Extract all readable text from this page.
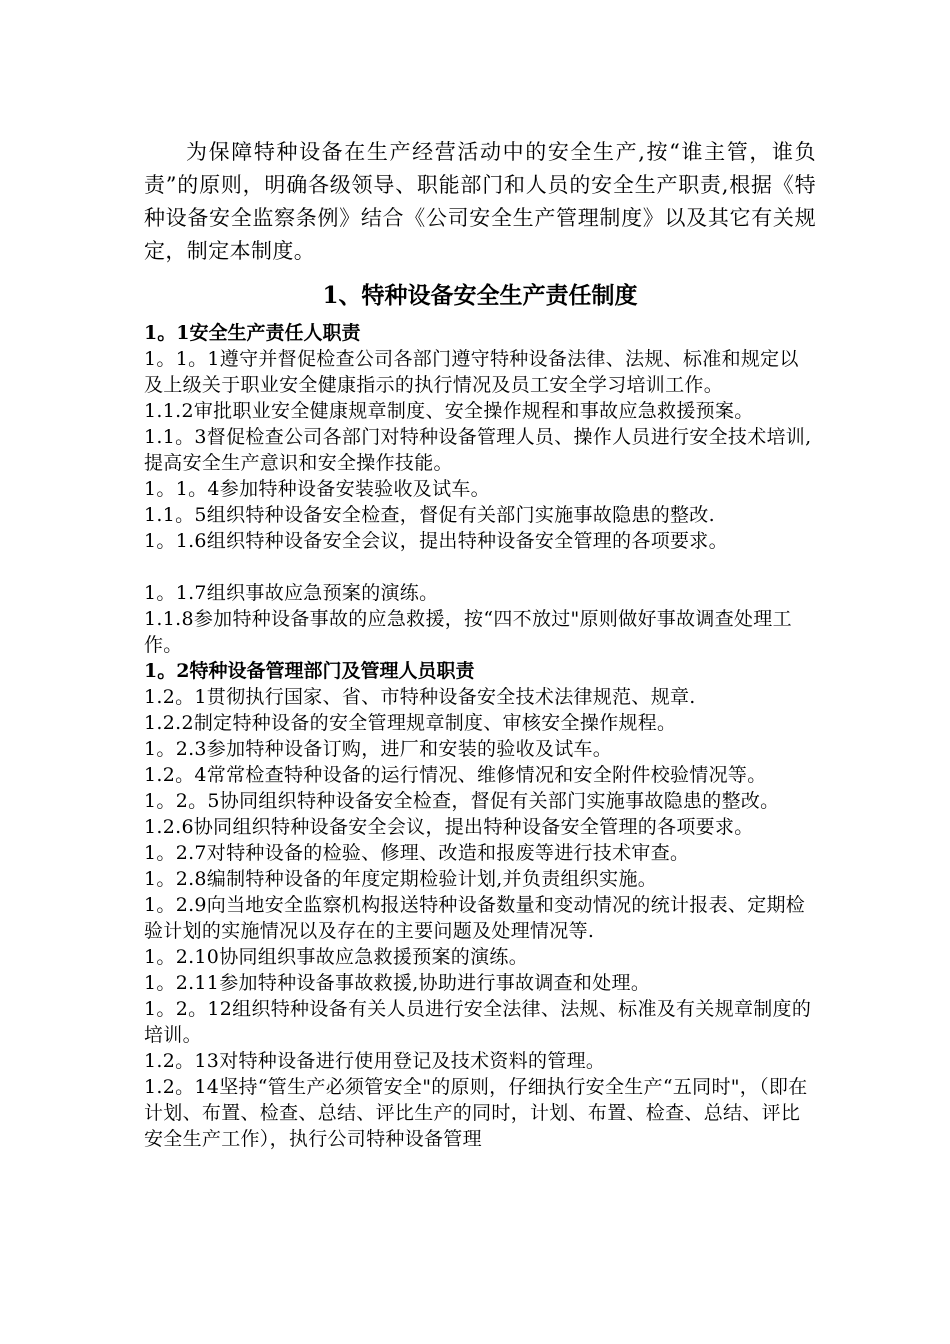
为保障特种设备在生产经营活动中的安全生产,按“谁主管，谁负责”的原则，明确各级领导、职能部门和人员的安全生产职责,根据《特种设备安全监察条例》结合《公司安全生产管理制度》以及其它有关规定，制定本制度。

1、特种设备安全生产责任制度

1。1安全生产责任人职责

1。1。1遵守并督促检查公司各部门遵守特种设备法律、法规、标准和规定以及上级关于职业安全健康指示的执行情况及员工安全学习培训工作。

1.1.2审批职业安全健康规章制度、安全操作规程和事故应急救援预案。

1.1。3督促检查公司各部门对特种设备管理人员、操作人员进行安全技术培训,提高安全生产意识和安全操作技能。

1。1。4参加特种设备安装验收及试车。

1.1。5组织特种设备安全检查，督促有关部门实施事故隐患的整改.

1。1.6组织特种设备安全会议，提出特种设备安全管理的各项要求。

1。1.7组织事故应急预案的演练。

1.1.8参加特种设备事故的应急救援，按“四不放过"原则做好事故调查处理工作。

1。2特种设备管理部门及管理人员职责

1.2。1贯彻执行国家、省、市特种设备安全技术法律规范、规章.

1.2.2制定特种设备的安全管理规章制度、审核安全操作规程。

1。2.3参加特种设备订购，进厂和安装的验收及试车。

1.2。4常常检查特种设备的运行情况、维修情况和安全附件校验情况等。

1。2。5协同组织特种设备安全检查，督促有关部门实施事故隐患的整改。

1.2.6协同组织特种设备安全会议，提出特种设备安全管理的各项要求。

1。2.7对特种设备的检验、修理、改造和报废等进行技术审查。

1。2.8编制特种设备的年度定期检验计划,并负责组织实施。

1。2.9向当地安全监察机构报送特种设备数量和变动情况的统计报表、定期检验计划的实施情况以及存在的主要问题及处理情况等.

1。2.10协同组织事故应急救援预案的演练。

1。2.11参加特种设备事故救援,协助进行事故调查和处理。

1。2。12组织特种设备有关人员进行安全法律、法规、标准及有关规章制度的培训。

1.2。13对特种设备进行使用登记及技术资料的管理。

1.2。14坚持“管生产必须管安全"的原则，仔细执行安全生产“五同时"，（即在计划、布置、检查、总结、评比生产的同时，计划、布置、检查、总结、评比安全生产工作），执行公司特种设备管理
